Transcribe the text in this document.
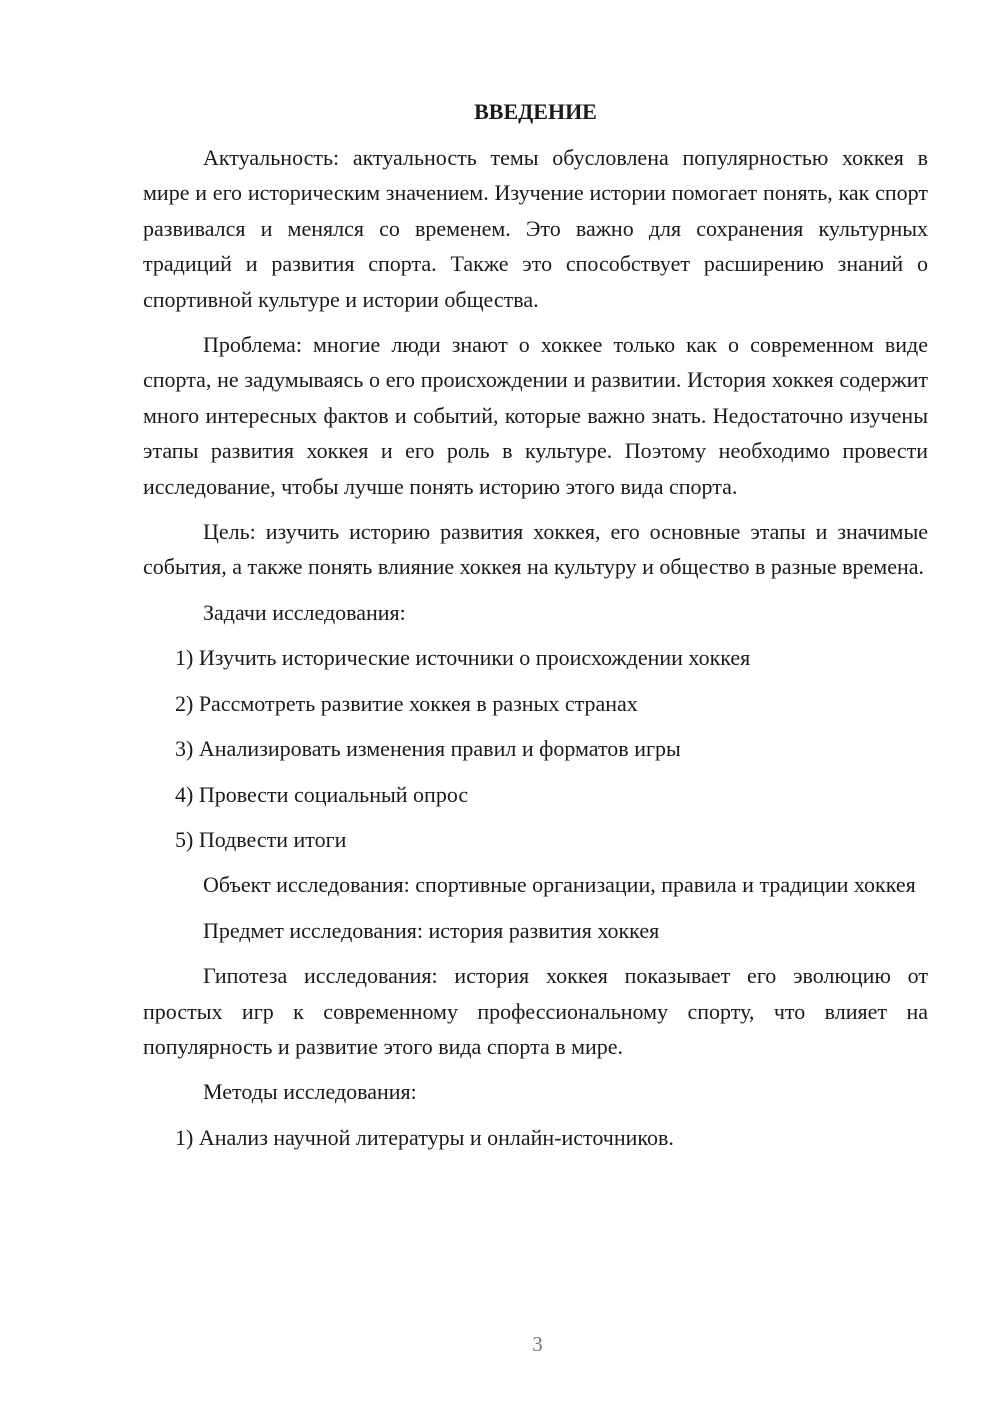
ВВЕДЕНИЕ

Актуальность: актуальность темы обусловлена популярностью хоккея в мире и его историческим значением. Изучение истории помогает понять, как спорт развивался и менялся со временем. Это важно для сохранения культурных традиций и развития спорта. Также это способствует расширению знаний о спортивной культуре и истории общества.

Проблема: многие люди знают о хоккее только как о современном виде спорта, не задумываясь о его происхождении и развитии. История хоккея содержит много интересных фактов и событий, которые важно знать. Недостаточно изучены этапы развития хоккея и его роль в культуре. Поэтому необходимо провести исследование, чтобы лучше понять историю этого вида спорта.

Цель: изучить историю развития хоккея, его основные этапы и значимые события, а также понять влияние хоккея на культуру и общество в разные времена.

Задачи исследования:

1) Изучить исторические источники о происхождении хоккея
2) Рассмотреть развитие хоккея в разных странах
3) Анализировать изменения правил и форматов игры
4) Провести социальный опрос
5) Подвести итоги

Объект исследования: спортивные организации, правила и традиции хоккея

Предмет исследования: история развития хоккея

Гипотеза исследования: история хоккея показывает его эволюцию от простых игр к современному профессиональному спорту, что влияет на популярность и развитие этого вида спорта в мире.

Методы исследования:

1) Анализ научной литературы и онлайн-источников.
3
